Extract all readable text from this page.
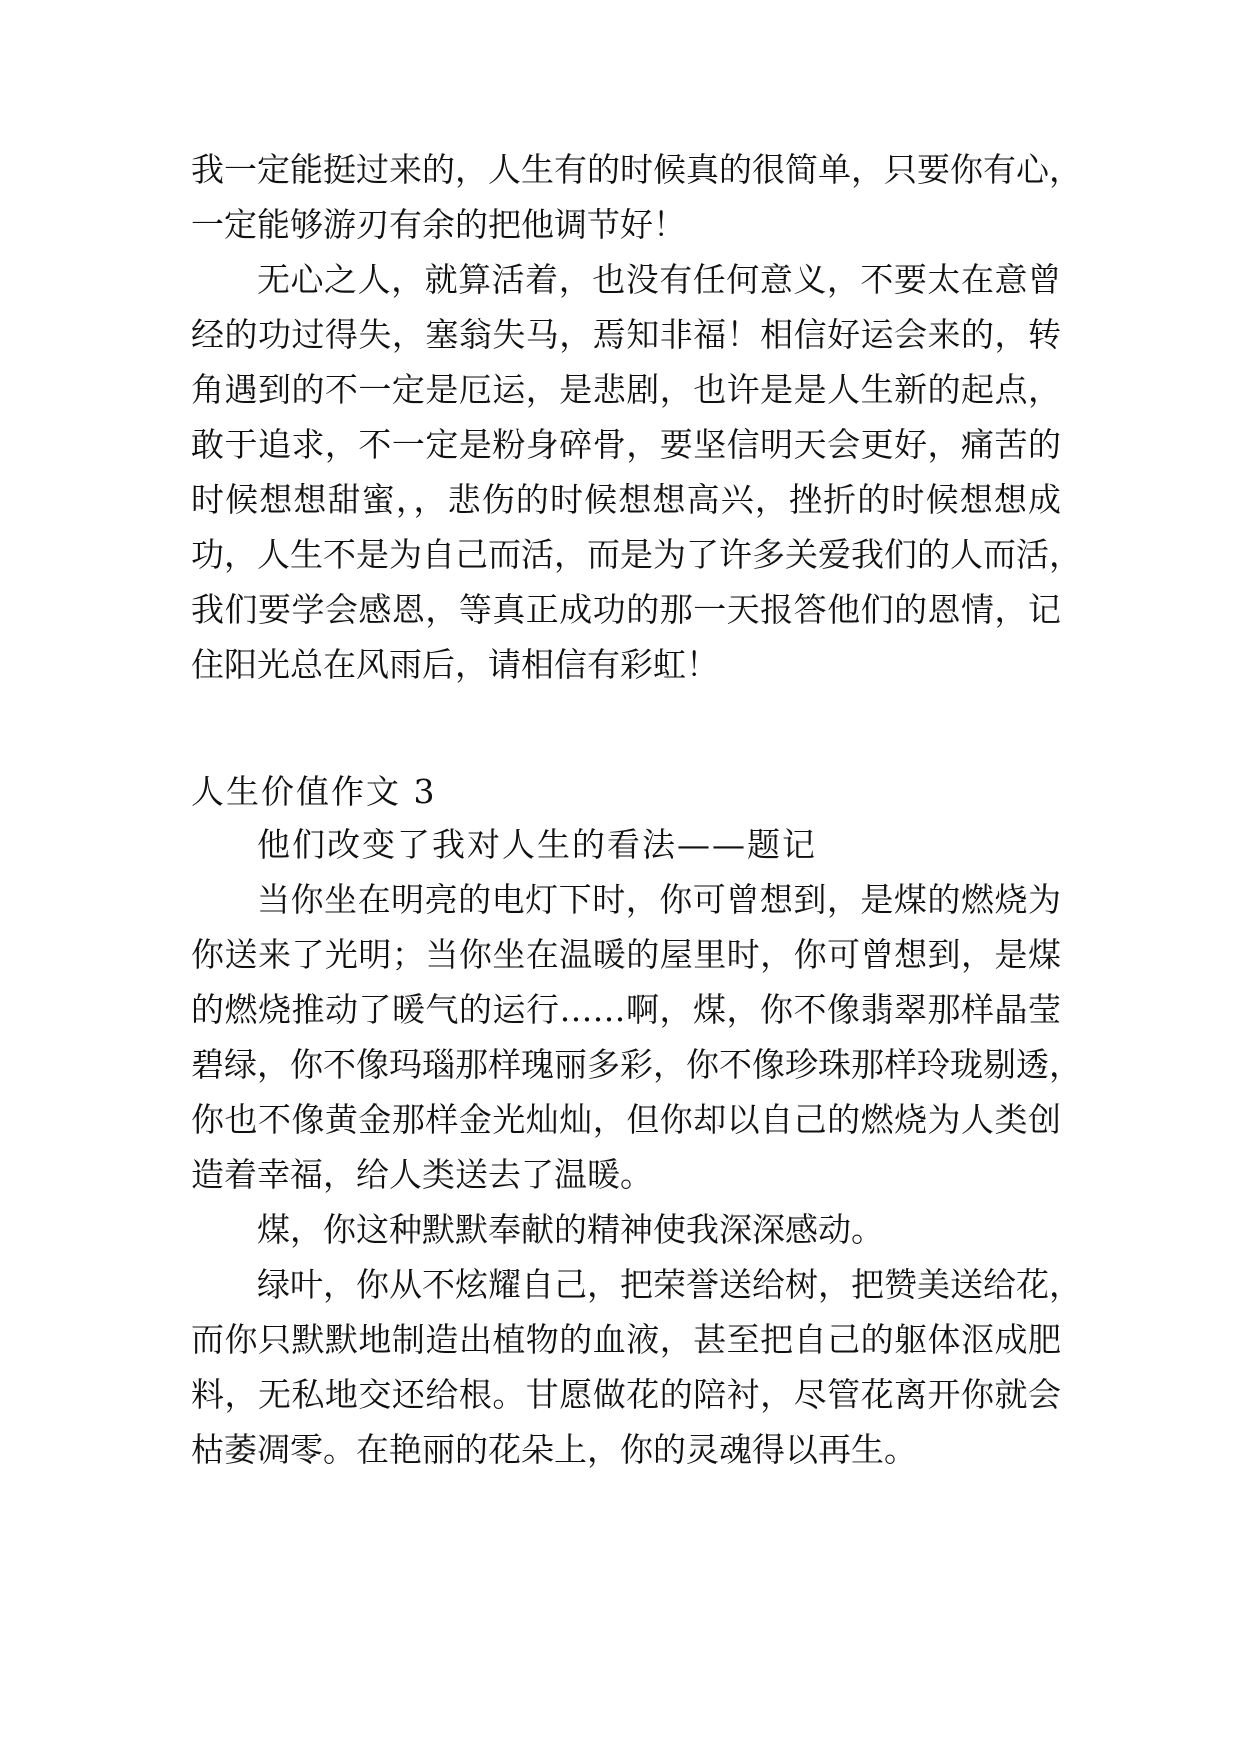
我一定能挺过来的，人生有的时候真的很简单，只要你有心，
一定能够游刃有余的把他调节好！
无心之人，就算活着，也没有任何意义，不要太在意曾
经的功过得失，塞翁失马，焉知非福！相信好运会来的，转
角遇到的不一定是厄运，是悲剧，也许是是人生新的起点，
敢于追求，不一定是粉身碎骨，要坚信明天会更好，痛苦的
时候想想甜蜜，，悲伤的时候想想高兴，挫折的时候想想成
功，人生不是为自己而活，而是为了许多关爱我们的人而活，
我们要学会感恩，等真正成功的那一天报答他们的恩情，记
住阳光总在风雨后，请相信有彩虹！
人生价值作文 3
他们改变了我对人生的看法——题记
当你坐在明亮的电灯下时，你可曾想到，是煤的燃烧为
你送来了光明；当你坐在温暖的屋里时，你可曾想到，是煤
的燃烧推动了暖气的运行……啊，煤，你不像翡翠那样晶莹
碧绿，你不像玛瑙那样瑰丽多彩，你不像珍珠那样玲珑剔透，
你也不像黄金那样金光灿灿，但你却以自己的燃烧为人类创
造着幸福，给人类送去了温暖。
煤，你这种默默奉献的精神使我深深感动。
绿叶，你从不炫耀自己，把荣誉送给树，把赞美送给花，
而你只默默地制造出植物的血液，甚至把自己的躯体沤成肥
料，无私地交还给根。甘愿做花的陪衬，尽管花离开你就会
枯萎凋零。在艳丽的花朵上，你的灵魂得以再生。
